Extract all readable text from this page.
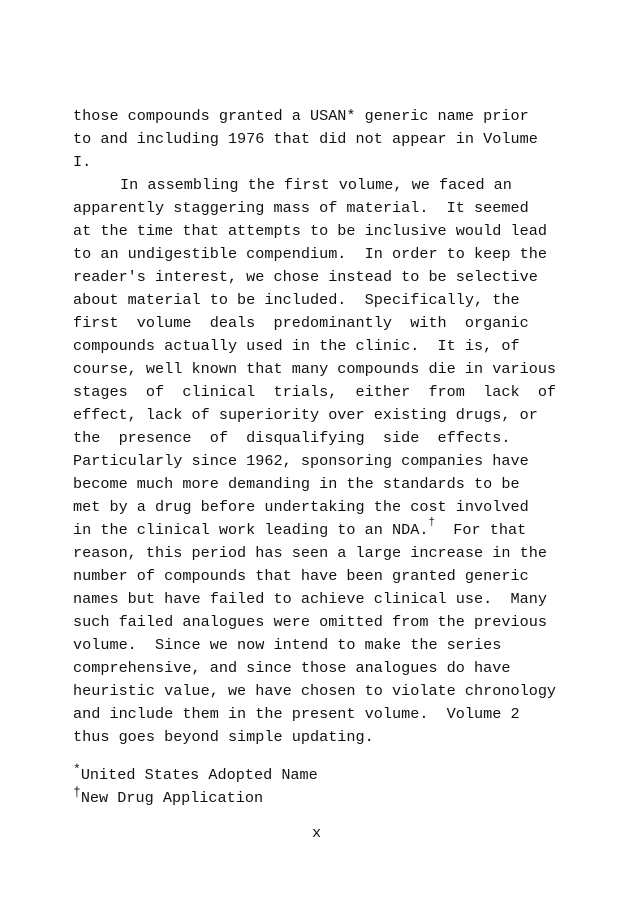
those compounds granted a USAN* generic name prior
to and including 1976 that did not appear in Volume
I.
In assembling the first volume, we faced an
apparently staggering mass of material.  It seemed
at the time that attempts to be inclusive would lead
to an undigestible compendium.  In order to keep the
reader's interest, we chose instead to be selective
about material to be included.  Specifically, the
first  volume  deals  predominantly  with  organic
compounds actually used in the clinic.  It is, of
course, well known that many compounds die in various
stages  of  clinical  trials,  either  from  lack  of
effect, lack of superiority over existing drugs, or
the  presence  of  disqualifying  side  effects.
Particularly since 1962, sponsoring companies have
become much more demanding in the standards to be
met by a drug before undertaking the cost involved
in the clinical work leading to an NDA.†  For that
reason, this period has seen a large increase in the
number of compounds that have been granted generic
names but have failed to achieve clinical use.  Many
such failed analogues were omitted from the previous
volume.  Since we now intend to make the series
comprehensive, and since those analogues do have
heuristic value, we have chosen to violate chronology
and include them in the present volume.  Volume 2
thus goes beyond simple updating.
*United States Adopted Name
†New Drug Application
x
